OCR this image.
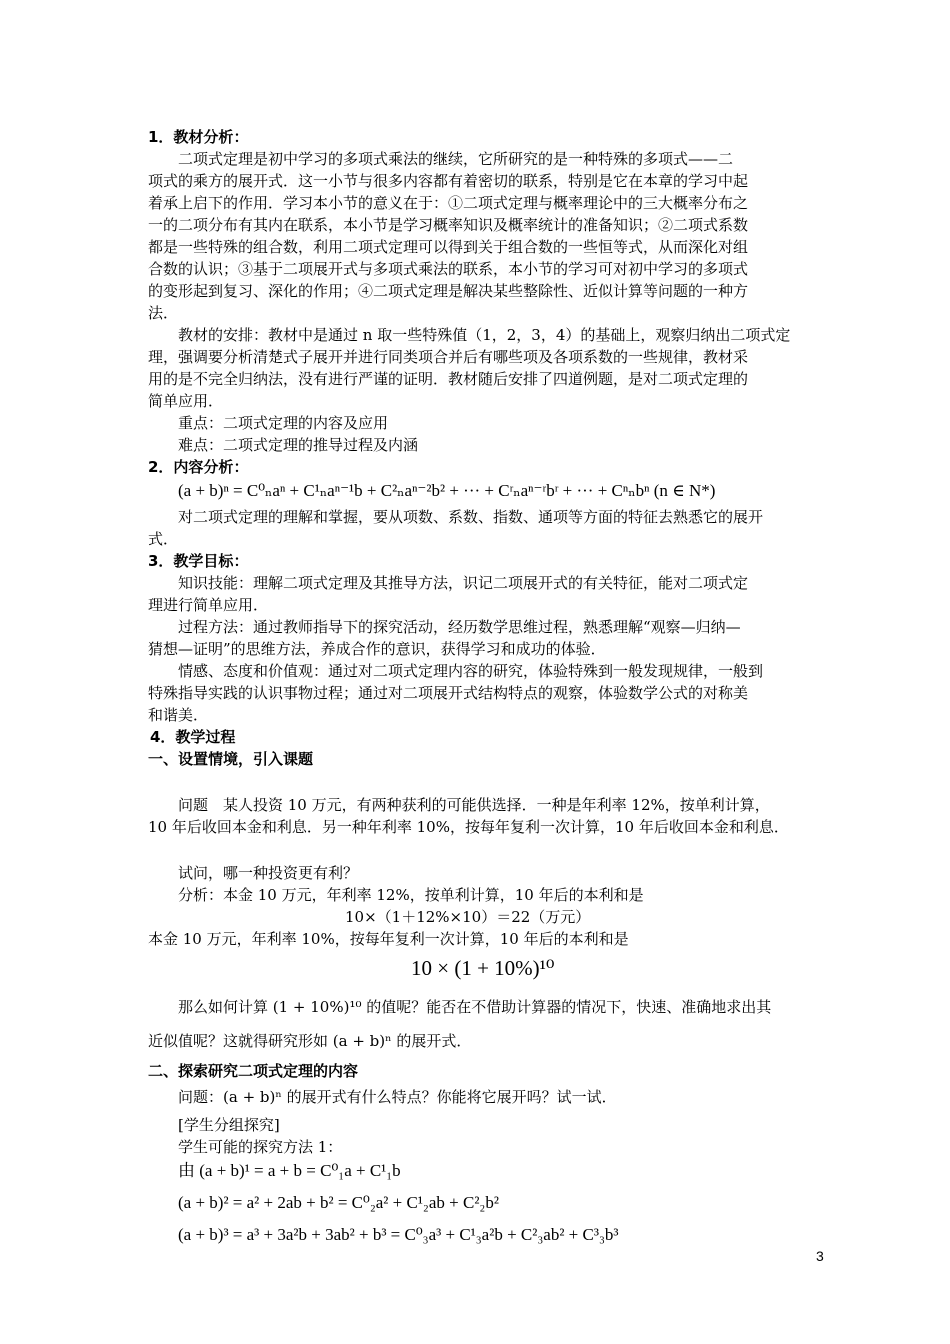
1．教材分析：
二项式定理是初中学习的多项式乘法的继续，它所研究的是一种特殊的多项式——二
项式的乘方的展开式．这一小节与很多内容都有着密切的联系，特别是它在本章的学习中起
着承上启下的作用．学习本小节的意义在于：①二项式定理与概率理论中的三大概率分布之
一的二项分布有其内在联系，本小节是学习概率知识及概率统计的准备知识；②二项式系数
都是一些特殊的组合数，利用二项式定理可以得到关于组合数的一些恒等式，从而深化对组
合数的认识；③基于二项展开式与多项式乘法的联系，本小节的学习可对初中学习的多项式
的变形起到复习、深化的作用；④二项式定理是解决某些整除性、近似计算等问题的一种方
法．
教材的安排：教材中是通过 n 取一些特殊值（1，2，3，4）的基础上，观察归纳出二项式定
理，强调要分析清楚式子展开并进行同类项合并后有哪些项及各项系数的一些规律，教材采
用的是不完全归纳法，没有进行严谨的证明．教材随后安排了四道例题，是对二项式定理的
简单应用．
重点：二项式定理的内容及应用
难点：二项式定理的推导过程及内涵
2．内容分析：
(a + b)ⁿ = C⁰ₙaⁿ + C¹ₙaⁿ⁻¹b + C²ₙaⁿ⁻²b² + ··· + Cʳₙaⁿ⁻ʳbʳ + ··· + Cⁿₙbⁿ (n ∈ N*)
对二项式定理的理解和掌握，要从项数、系数、指数、通项等方面的特征去熟悉它的展开
式．
3．教学目标：
知识技能：理解二项式定理及其推导方法，识记二项展开式的有关特征，能对二项式定
理进行简单应用．
过程方法：通过教师指导下的探究活动，经历数学思维过程，熟悉理解“观察—归纳—
猜想—证明”的思维方法，养成合作的意识，获得学习和成功的体验．
情感、态度和价值观：通过对二项式定理内容的研究，体验特殊到一般发现规律，一般到
特殊指导实践的认识事物过程；通过对二项展开式结构特点的观察，体验数学公式的对称美
和谐美．
4．教学过程
一、设置情境，引入课题
问题　某人投资 10 万元，有两种获利的可能供选择．一种是年利率 12%，按单利计算，
10 年后收回本金和利息．另一种年利率 10%，按每年复利一次计算，10 年后收回本金和利息．
试问，哪一种投资更有利？
分析：本金 10 万元，年利率 12%，按单利计算，10 年后的本利和是
10×（1＋12%×10）＝22（万元）
本金 10 万元，年利率 10%，按每年复利一次计算，10 年后的本利和是
10 × (1 + 10%)¹⁰
那么如何计算 (1 + 10%)¹⁰ 的值呢？能否在不借助计算器的情况下，快速、准确地求出其
近似值呢？这就得研究形如 (a + b)ⁿ 的展开式．
二、探索研究二项式定理的内容
问题：(a + b)ⁿ 的展开式有什么特点？你能将它展开吗？试一试．
[学生分组探究]
学生可能的探究方法 1：
由 (a + b)¹ = a + b = C⁰₁a + C¹₁b
(a + b)² = a² + 2ab + b² = C⁰₂a² + C¹₂ab + C²₂b²
(a + b)³ = a³ + 3a²b + 3ab² + b³ = C⁰₃a³ + C¹₃a²b + C²₃ab² + C³₃b³
3
